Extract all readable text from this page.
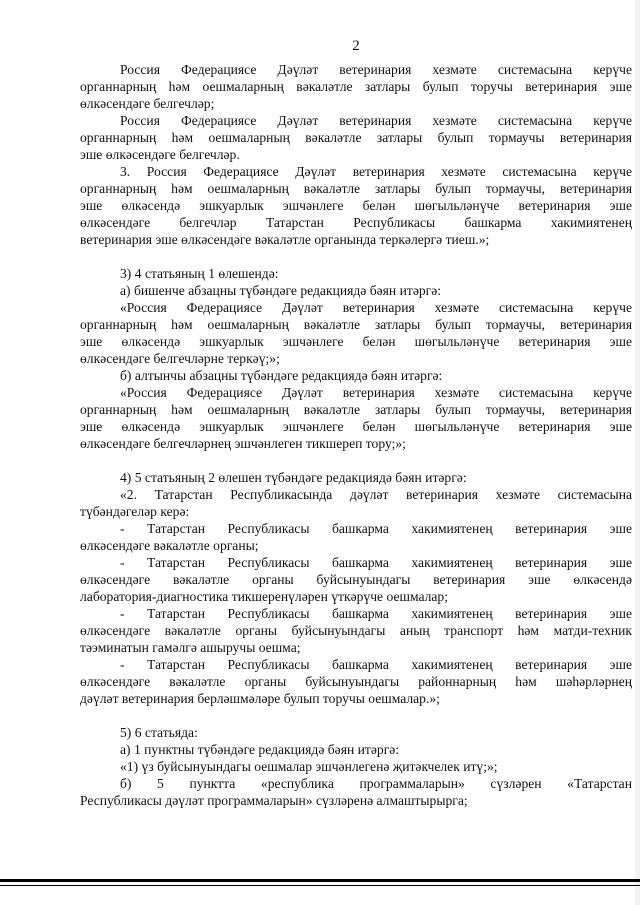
2
Россия Федерациясе Дәүләт ветеринария хезмәте системасына керүче
органнарның һәм оешмаларның вәкаләтле затлары булып торучы ветеринария эше
өлкәсендәге белгечләр;
Россия Федерациясе Дәүләт ветеринария хезмәте системасына керүче
органнарның һәм оешмаларның вәкаләтле затлары булып тормаучы ветеринария
эше өлкәсендәге белгечләр.
3. Россия Федерациясе Дәүләт ветеринария хезмәте системасына керүче
органнарның һәм оешмаларның вәкаләтле затлары булып тормаучы, ветеринария
эше өлкәсендә эшкуарлык эшчәнлеге белән шөгыльләнүче ветеринария эше
өлкәсендәге белгечләр Татарстан Республикасы башкарма хакимиятенең
ветеринария эше өлкәсендәге вәкаләтле органында теркәлергә тиеш.»;
3) 4 статьяның 1 өлешендә:
а) бишенче абзацны түбәндәге редакциядә бәян итәргә:
«Россия Федерациясе Дәүләт ветеринария хезмәте системасына керүче
органнарның һәм оешмаларның вәкаләтле затлары булып тормаучы, ветеринария
эше өлкәсендә эшкуарлык эшчәнлеге белән шөгыльләнүче ветеринария эше
өлкәсендәге белгечләрне теркәү;»;
б) алтынчы абзацны түбәндәге редакциядә бәян итәргә:
«Россия Федерациясе Дәүләт ветеринария хезмәте системасына керүче
органнарның һәм оешмаларның вәкаләтле затлары булып тормаучы, ветеринария
эше өлкәсендә эшкуарлык эшчәнлеге белән шөгыльләнүче ветеринария эше
өлкәсендәге белгечләрнең эшчәнлеген тикшереп тору;»;
4) 5 статьяның 2 өлешен түбәндәге редакциядә бәян итәргә:
«2. Татарстан Республикасында дәүләт ветеринария хезмәте системасына
түбәндәгеләр керә:
- Татарстан Республикасы башкарма хакимиятенең ветеринария эше
өлкәсендәге вәкаләтле органы;
- Татарстан Республикасы башкарма хакимиятенең ветеринария эше
өлкәсендәге вәкаләтле органы буйсынуындагы ветеринария эше өлкәсендә
лаборатория-диагностика тикшеренүләрен үткәрүче оешмалар;
- Татарстан Республикасы башкарма хакимиятенең ветеринария эше
өлкәсендәге вәкаләтле органы буйсынуындагы аның транспорт һәм матди-техник
тәэминатын гамәлгә ашыручы оешма;
- Татарстан Республикасы башкарма хакимиятенең ветеринария эше
өлкәсендәге вәкаләтле органы буйсынуындагы районнарның һәм шәһәрләрнең
дәүләт ветеринария берләшмәләре булып торучы оешмалар.»;
5) 6 статьяда:
а) 1 пунктны түбәндәге редакциядә бәян итәргә:
«1) үз буйсынуындагы оешмалар эшчәнлегенә җитәкчелек итү;»;
б) 5 пунктта «республика программаларын» сүзләрен «Татарстан
Республикасы дәүләт программаларын» сүзләренә алмаштырырга;
